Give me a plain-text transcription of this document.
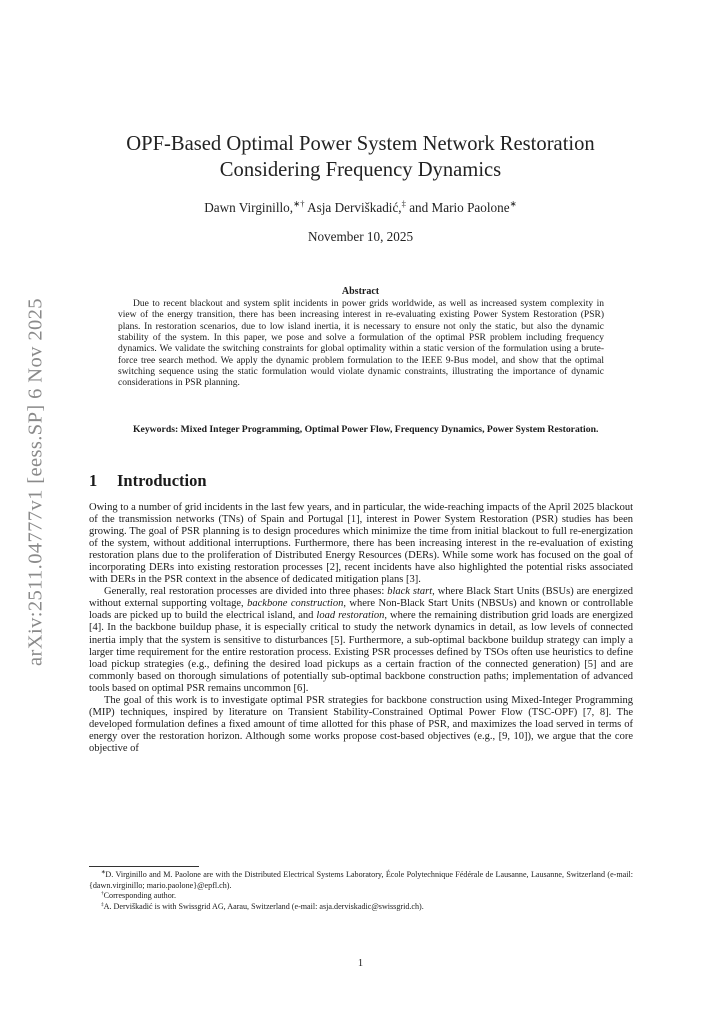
arXiv:2511.04777v1 [eess.SP] 6 Nov 2025
OPF-Based Optimal Power System Network Restoration
Considering Frequency Dynamics
Dawn Virginillo,∗† Asja Derviškadić,‡ and Mario Paolone∗
November 10, 2025
Abstract

Due to recent blackout and system split incidents in power grids worldwide, as well as increased system complexity in view of the energy transition, there has been increasing interest in re-evaluating existing Power System Restoration (PSR) plans. In restoration scenarios, due to low island inertia, it is necessary to ensure not only the static, but also the dynamic stability of the system. In this paper, we pose and solve a formulation of the optimal PSR problem including frequency dynamics. We validate the switching constraints for global optimality within a static version of the formulation using a brute-force tree search method. We apply the dynamic problem formulation to the IEEE 9-Bus model, and show that the optimal switching sequence using the static formulation would violate dynamic constraints, illustrating the importance of dynamic considerations in PSR planning.

Keywords: Mixed Integer Programming, Optimal Power Flow, Frequency Dynamics, Power System Restoration.

1 Introduction

Owing to a number of grid incidents in the last few years, and in particular, the wide-reaching impacts of the April 2025 blackout of the transmission networks (TNs) of Spain and Portugal [1], interest in Power System Restoration (PSR) studies has been growing. The goal of PSR planning is to design procedures which minimize the time from initial blackout to full re-energization of the system, without additional interruptions. Furthermore, there has been increasing interest in the re-evaluation of existing restoration plans due to the proliferation of Distributed Energy Resources (DERs). While some work has focused on the goal of incorporating DERs into existing restoration processes [2], recent incidents have also highlighted the potential risks associated with DERs in the PSR context in the absence of dedicated mitigation plans [3].

Generally, real restoration processes are divided into three phases: black start, where Black Start Units (BSUs) are energized without external supporting voltage, backbone construction, where Non-Black Start Units (NBSUs) and known or controllable loads are picked up to build the electrical island, and load restoration, where the remaining distribution grid loads are energized [4]. In the backbone buildup phase, it is especially critical to study the network dynamics in detail, as low levels of connected inertia imply that the system is sensitive to disturbances [5]. Furthermore, a sub-optimal backbone buildup strategy can imply a larger time requirement for the entire restoration process. Existing PSR processes defined by TSOs often use heuristics to define load pickup strategies (e.g., defining the desired load pickups as a certain fraction of the connected generation) [5] and are commonly based on thorough simulations of potentially sub-optimal backbone construction paths; implementation of advanced tools based on optimal PSR remains uncommon [6].

The goal of this work is to investigate optimal PSR strategies for backbone construction using Mixed-Integer Programming (MIP) techniques, inspired by literature on Transient Stability-Constrained Optimal Power Flow (TSC-OPF) [7, 8]. The developed formulation defines a fixed amount of time allotted for this phase of PSR, and maximizes the load served in terms of energy over the restoration horizon. Although some works propose cost-based objectives (e.g., [9, 10]), we argue that the core objective of

∗D. Virginillo and M. Paolone are with the Distributed Electrical Systems Laboratory, École Polytechnique Fédérale de Lausanne, Lausanne, Switzerland (e-mail: {dawn.virginillo; mario.paolone}@epfl.ch).

†Corresponding author.

‡A. Derviškadić is with Swissgrid AG, Aarau, Switzerland (e-mail: asja.derviskadic@swissgrid.ch).

1
